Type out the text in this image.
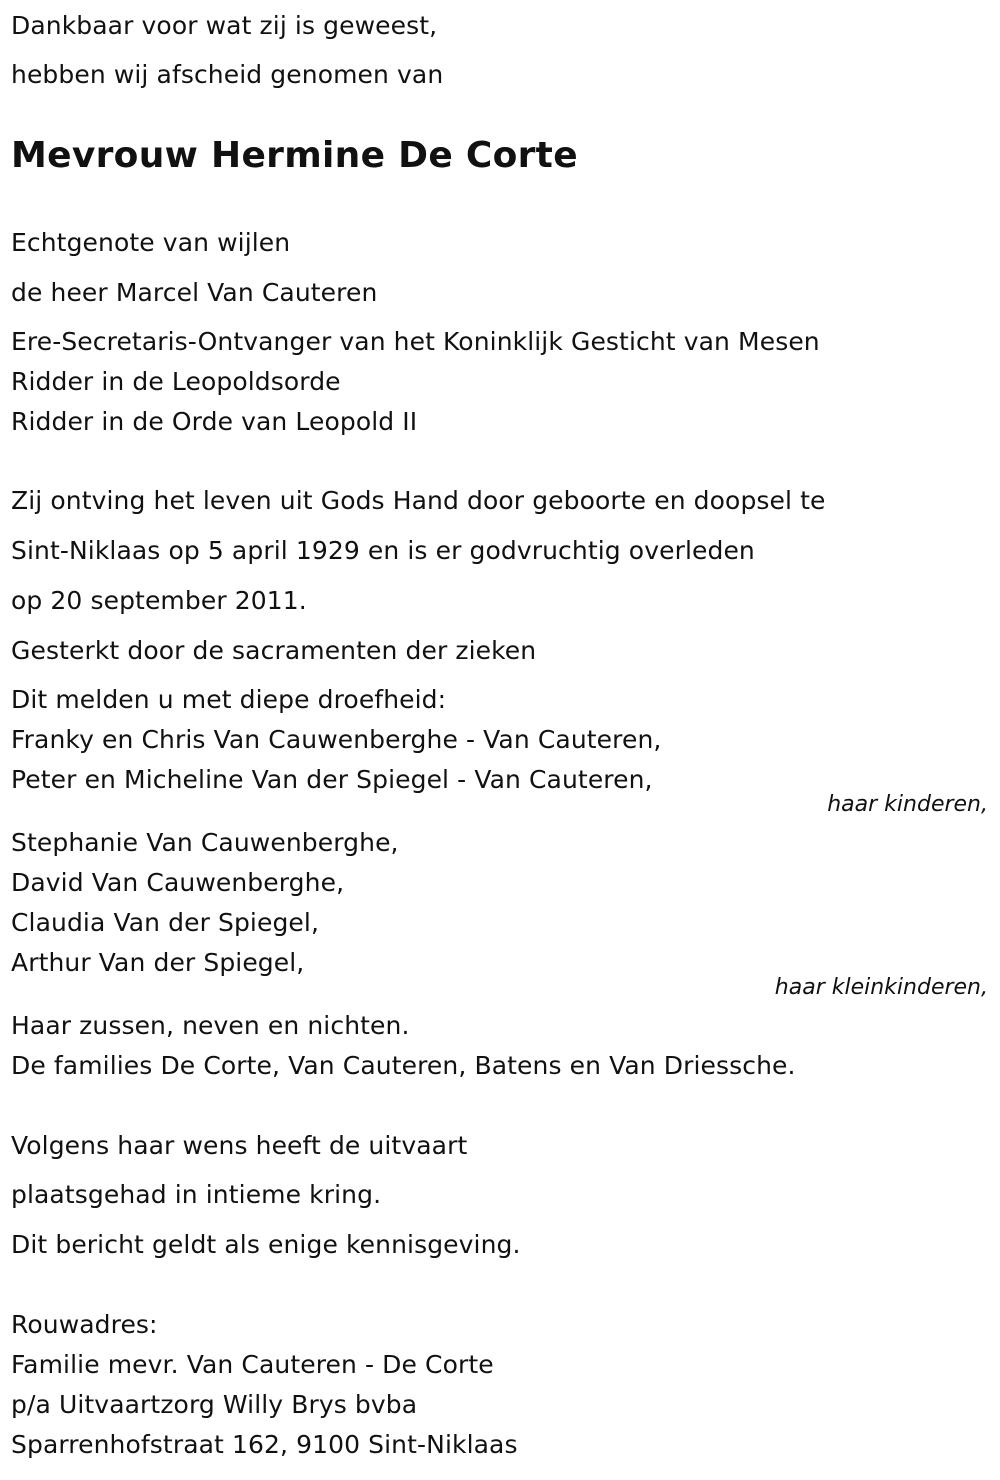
Dankbaar voor wat zij is geweest,
hebben wij afscheid genomen van
Mevrouw Hermine De Corte
Echtgenote van wijlen
de heer Marcel Van Cauteren
Ere-Secretaris-Ontvanger van het Koninklijk Gesticht van Mesen
Ridder in de Leopoldsorde
Ridder in de Orde van Leopold II
Zij ontving het leven uit Gods Hand door geboorte en doopsel te
Sint-Niklaas op 5 april 1929 en is er godvruchtig overleden
op 20 september 2011.
Gesterkt door de sacramenten der zieken
Dit melden u met diepe droefheid:
Franky en Chris Van Cauwenberghe - Van Cauteren,
Peter en Micheline Van der Spiegel - Van Cauteren,
haar kinderen,
Stephanie Van Cauwenberghe,
David Van Cauwenberghe,
Claudia Van der Spiegel,
Arthur Van der Spiegel,
haar kleinkinderen,
Haar zussen, neven en nichten.
De families De Corte, Van Cauteren, Batens en Van Driessche.
Volgens haar wens heeft de uitvaart
plaatsgehad in intieme kring.
Dit bericht geldt als enige kennisgeving.
Rouwadres:
Familie mevr. Van Cauteren - De Corte
p/a Uitvaartzorg Willy Brys bvba
Sparrenhofstraat 162, 9100 Sint-Niklaas
